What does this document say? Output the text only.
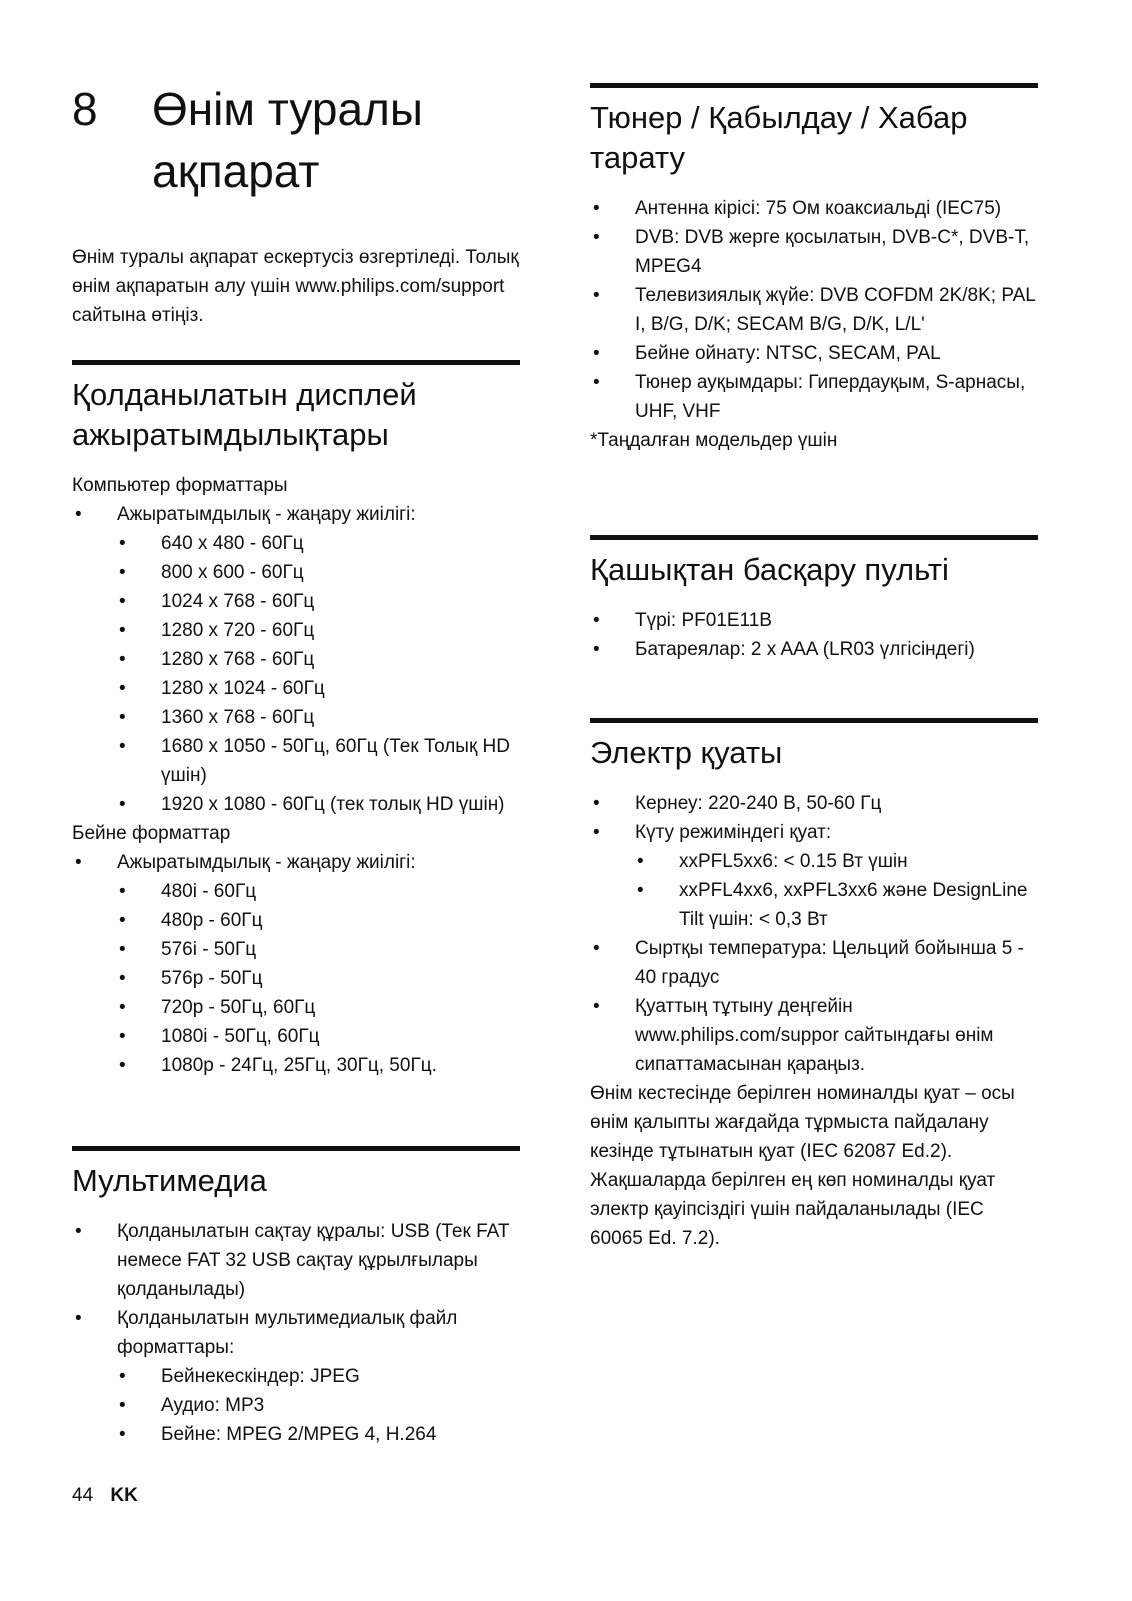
8 Өнім туралы ақпарат

Өнім туралы ақпарат ескертусіз өзгертіледі. Толық өнім ақпаратын алу үшін www.philips.com/support сайтына өтіңіз.

Қолданылатын дисплей ажыратымдылықтары
Компьютер форматтары
• Ажыратымдылық - жаңару жиілігі:
• 640 x 480 - 60Гц
• 800 x 600 - 60Гц
• 1024 x 768 - 60Гц
• 1280 x 720 - 60Гц
• 1280 x 768 - 60Гц
• 1280 x 1024 - 60Гц
• 1360 x 768 - 60Гц
• 1680 x 1050 - 50Гц, 60Гц (Тек Толық HD үшін)
• 1920 x 1080 - 60Гц (тек толық HD үшін)
Бейне форматтар
• Ажыратымдылық - жаңару жиілігі:
• 480i - 60Гц
• 480p - 60Гц
• 576i - 50Гц
• 576p - 50Гц
• 720p - 50Гц, 60Гц
• 1080i - 50Гц, 60Гц
• 1080p - 24Гц, 25Гц, 30Гц, 50Гц.
Мультимедиа
• Қолданылатын сақтау құралы: USB (Тек FAT немесе FAT 32 USB сақтау құрылғылары қолданылады)
• Қолданылатын мультимедиалық файл форматтары:
• Бейнекескіндер: JPEG
• Аудио: MP3
• Бейне: MPEG 2/MPEG 4, H.264
Тюнер / Қабылдау / Хабар тарату
• Антенна кірісі: 75 Ом коаксиальді (IEC75)
• DVB: DVB жерге қосылатын, DVB-C*, DVB-T, MPEG4
• Телевизиялық жүйе: DVB COFDM 2K/8K; PAL I, B/G, D/K; SECAM B/G, D/K, L/L'
• Бейне ойнату: NTSC, SECAM, PAL
• Тюнер ауқымдары: Гипердауқым, S-арнасы, UHF, VHF
*Таңдалған модельдер үшін
Қашықтан басқару пульті
• Түрі: PF01E11B
• Батареялар: 2 x AAA (LR03 үлгісіндегі)
Электр қуаты
• Кернеу: 220-240 В, 50-60 Гц
• Күту режиміндегі қуат:
• xxPFL5xx6: < 0.15 Вт үшін
• xxPFL4xx6, xxPFL3xx6 және DesignLine Tilt үшін: < 0,3 Вт
• Сыртқы температура: Цельций бойынша 5 - 40 градус
• Қуаттың тұтыну деңгейін www.philips.com/suppor сайтындағы өнім сипаттамасынан қараңыз.
Өнім кестесінде берілген номиналды қуат – осы өнім қалыпты жағдайда тұрмыста пайдалану кезінде тұтынатын қуат (IEC 62087 Ed.2). Жақшаларда берілген ең көп номиналды қуат электр қауіпсіздігі үшін пайдаланылады (IEC 60065 Ed. 7.2).
44 KK
